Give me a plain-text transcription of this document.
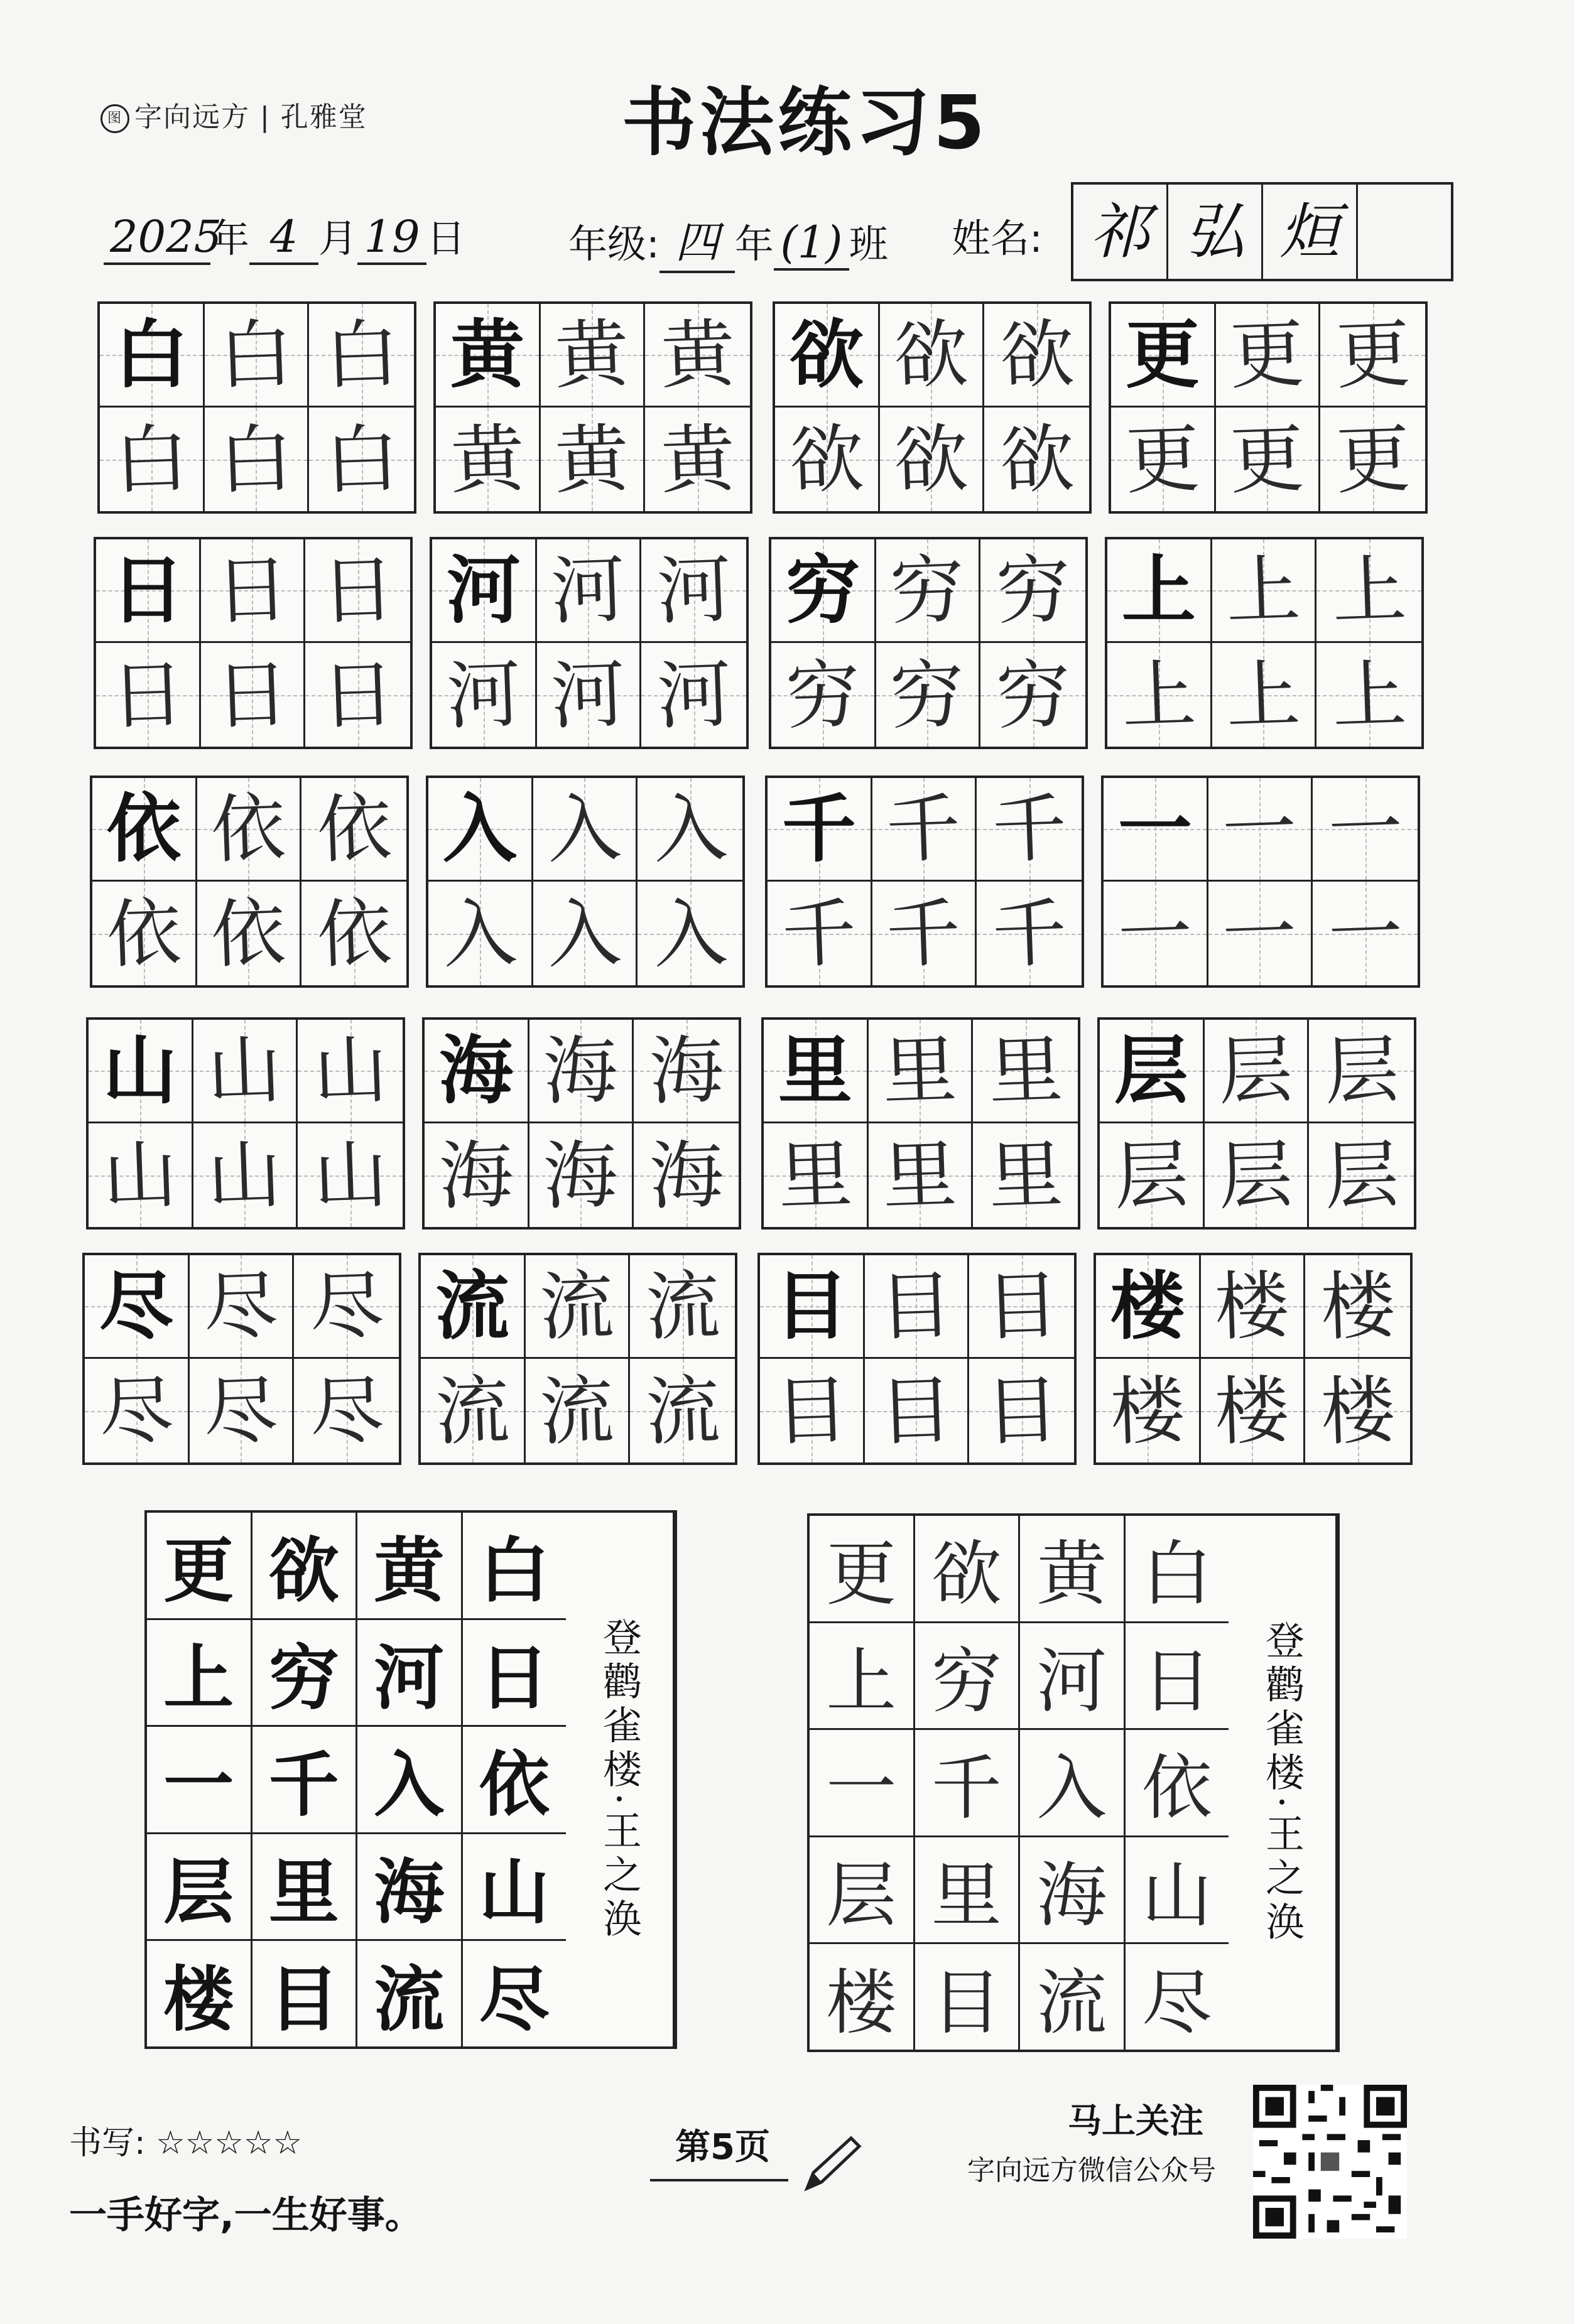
图 字向远方 | 孔雅堂	书法练习5
2025年 4 月 19 日	年级: 四 年 (1) 班 姓名: 祁 弘 烜
白 白 白
白 白 白
黄 黄 黄
黄 黄 黄
欲 欲 欲
欲 欲 欲
更 更 更
更 更 更
日 日 日
日 日 日
河 河 河
河 河 河
穷 穷 穷
穷 穷 穷
上 上 上
上 上 上
依 依 依
依 依 依
入 入 入
入 入 入
千 千 千
千 千 千
一 一 一
一 一 一
山 山 山
山 山 山
海 海 海
海 海 海
里 里 里
里 里 里
层 层 层
层 层 层
尽 尽 尽
尽 尽 尽
流 流 流
流 流 流
目 目 目
目 目 目
楼 楼 楼
楼 楼 楼
白
日
依
山
尽
黄
河
入
海
流
欲
穷
千
里
目
更
上
一
层
楼
登鹳雀楼
·
王之涣
白
日
依
山
尽
黄
河
入
海
流
欲
穷
千
里
目
更
上
一
层
楼
登鹳雀楼
·
王之涣
书写: ☆☆☆☆☆
一手好字,一生好事。
第5页
马上关注
字向远方微信公众号
